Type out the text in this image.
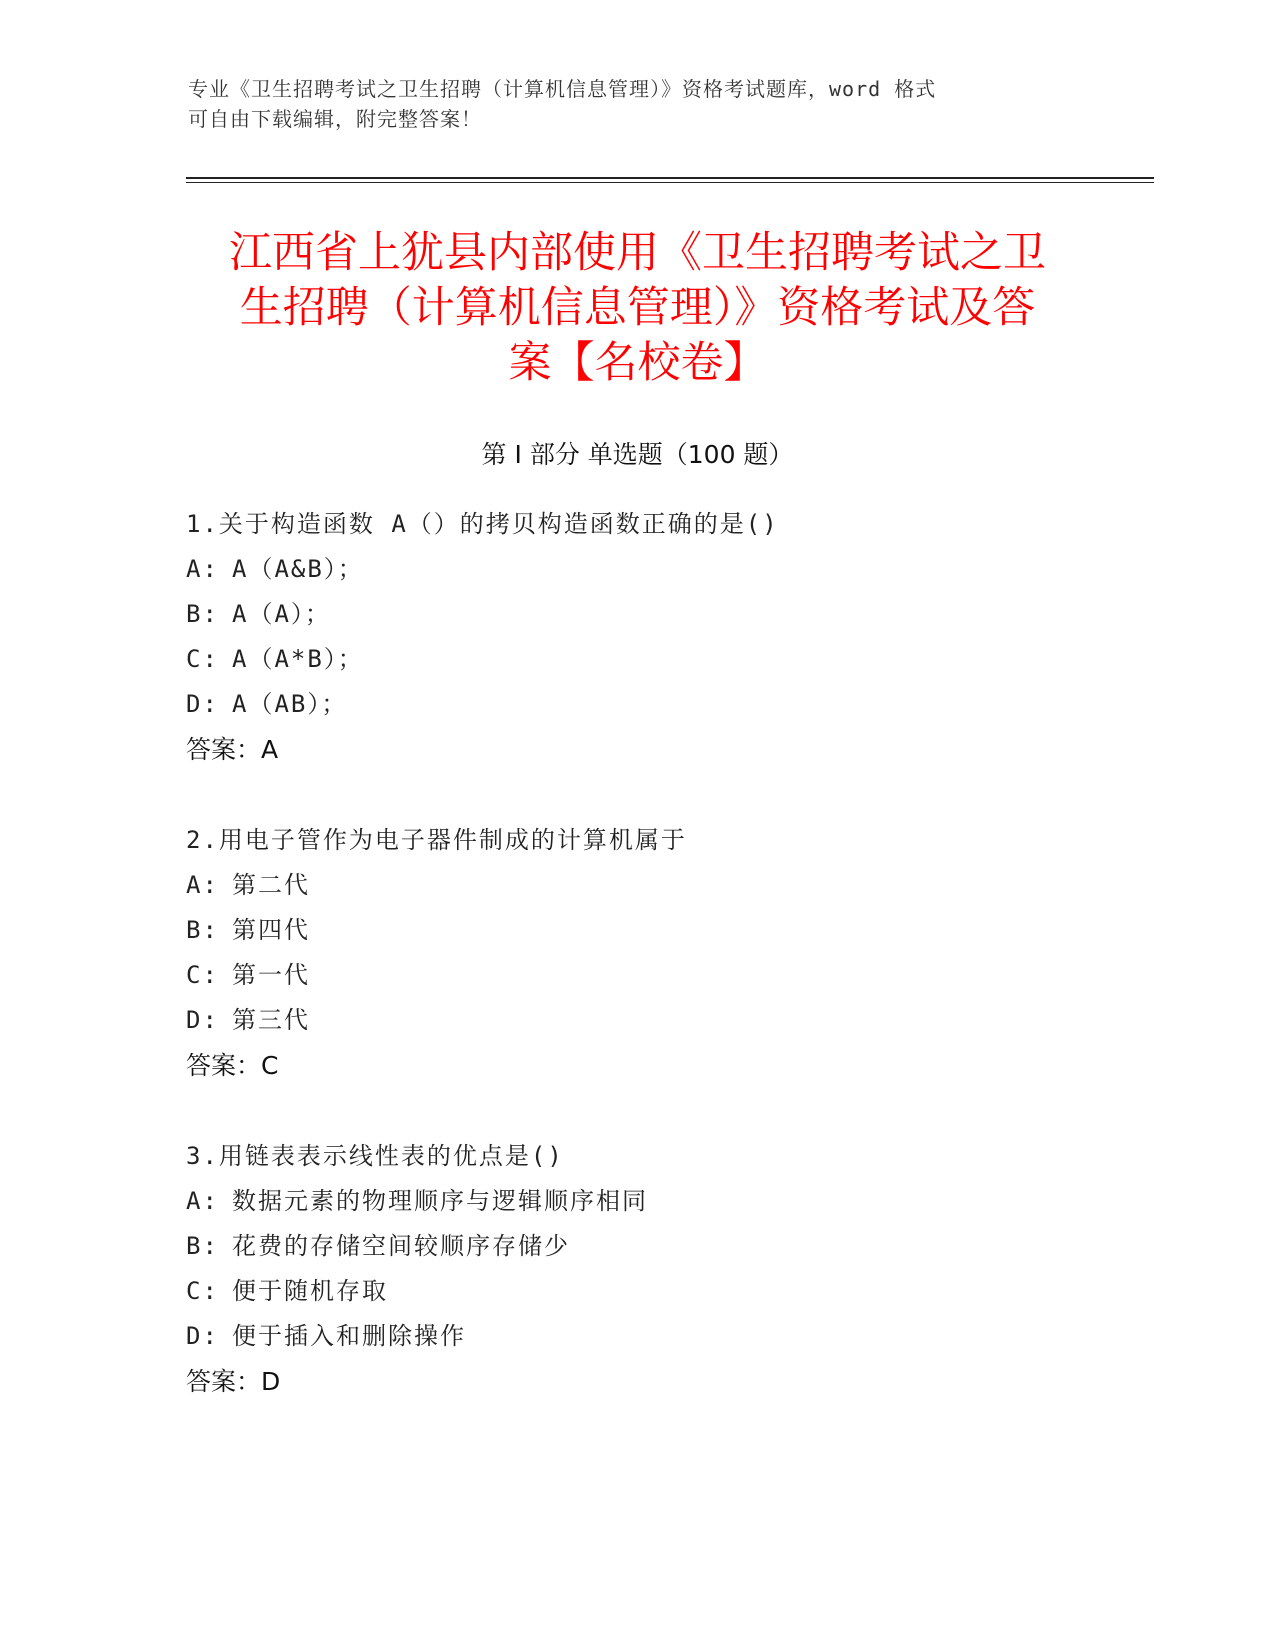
专业《卫生招聘考试之卫生招聘（计算机信息管理）》资格考试题库，word 格式
可自由下载编辑，附完整答案！
江西省上犹县内部使用《卫生招聘考试之卫
生招聘（计算机信息管理）》资格考试及答
案【名校卷】
第 I 部分 单选题（100 题）
1.关于构造函数 A（）的拷贝构造函数正确的是()
A: A（A&B）；
B: A（A）；
C: A（A*B）；
D: A（AB）；
答案：A
2.用电子管作为电子器件制成的计算机属于
A: 第二代
B: 第四代
C: 第一代
D: 第三代
答案：C
3.用链表表示线性表的优点是()
A: 数据元素的物理顺序与逻辑顺序相同
B: 花费的存储空间较顺序存储少
C: 便于随机存取
D: 便于插入和删除操作
答案：D
